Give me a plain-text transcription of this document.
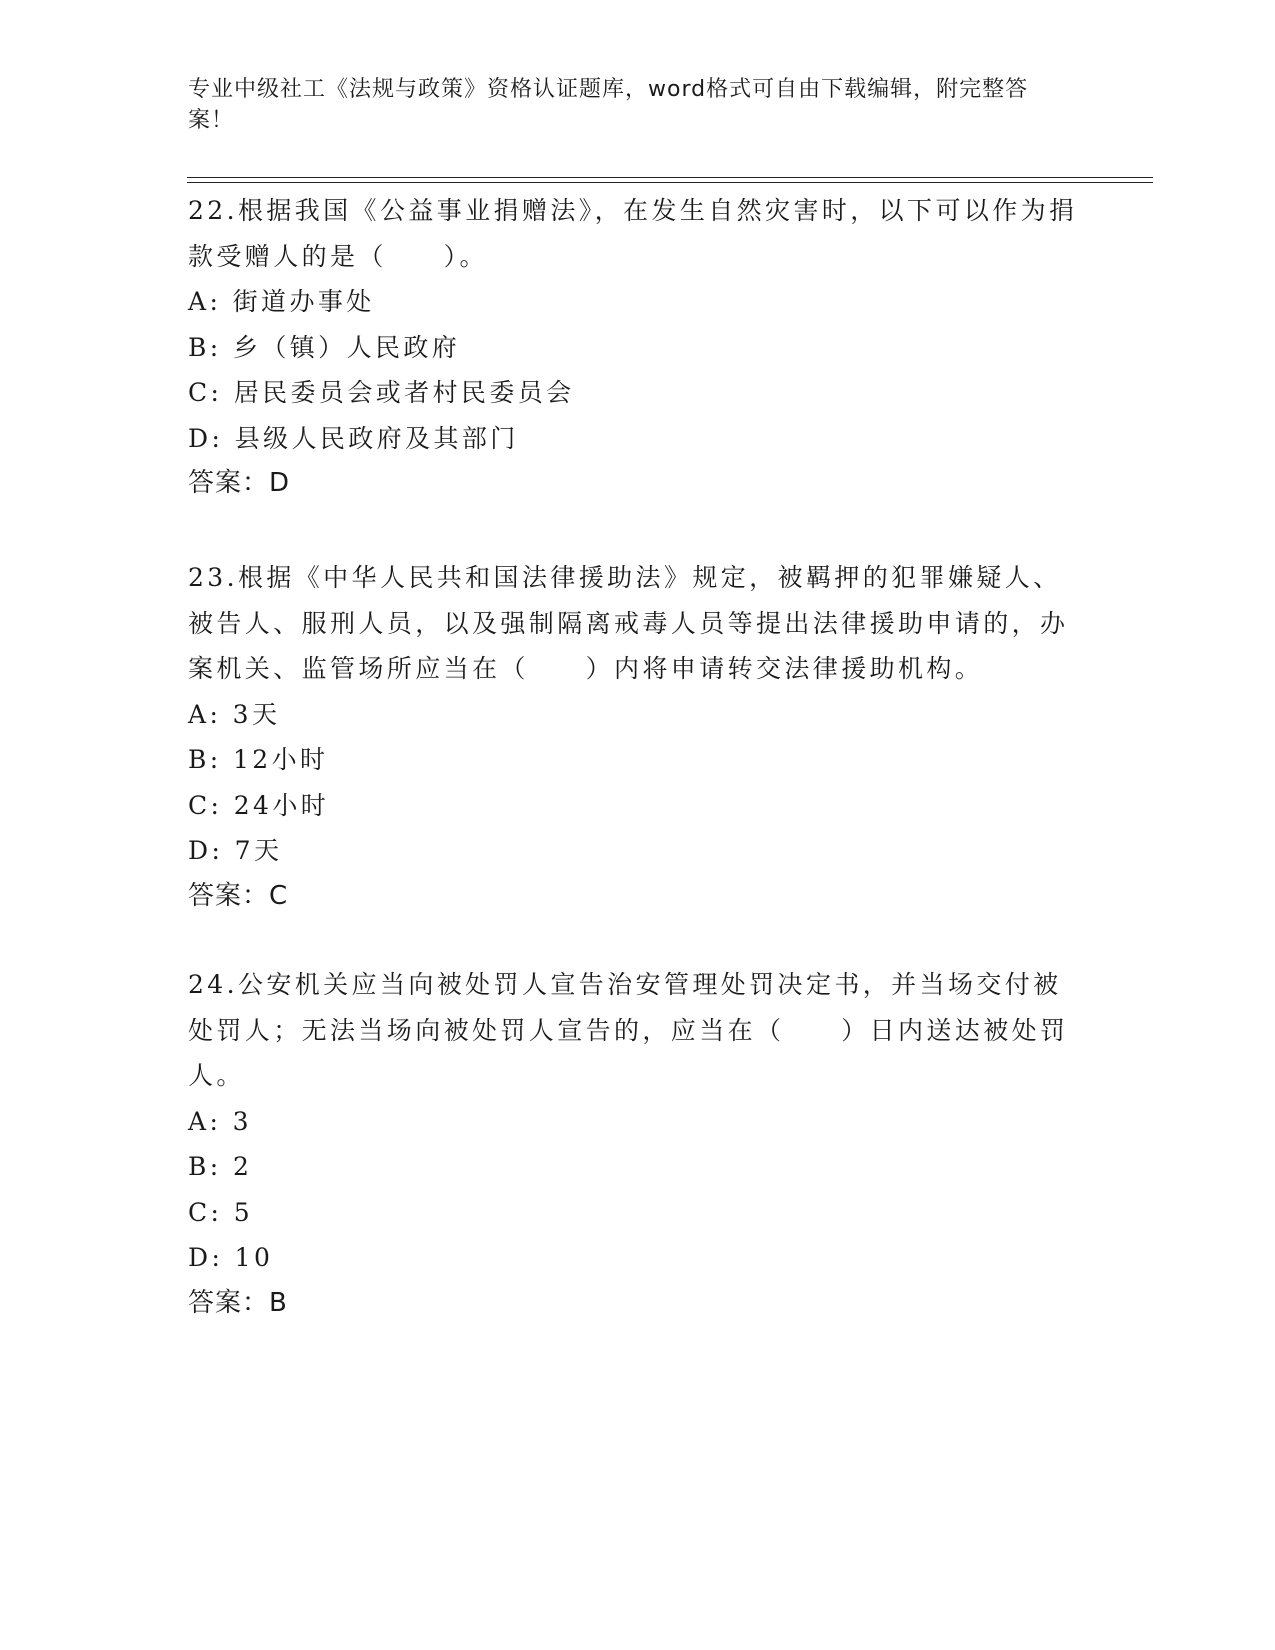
专业中级社工《法规与政策》资格认证题库，word格式可自由下载编辑，附完整答案！

22.根据我国《公益事业捐赠法》，在发生自然灾害时，以下可以作为捐款受赠人的是（　　）。

A: 街道办事处

B: 乡（镇）人民政府

C: 居民委员会或者村民委员会

D: 县级人民政府及其部门

答案：D

23.根据《中华人民共和国法律援助法》规定，被羁押的犯罪嫌疑人、被告人、服刑人员，以及强制隔离戒毒人员等提出法律援助申请的，办案机关、监管场所应当在（　　）内将申请转交法律援助机构。

A: 3天

B: 12小时

C: 24小时

D: 7天

答案：C

24.公安机关应当向被处罚人宣告治安管理处罚决定书，并当场交付被处罚人；无法当场向被处罚人宣告的，应当在（　　）日内送达被处罚人。

A: 3

B: 2

C: 5

D: 10

答案：B
